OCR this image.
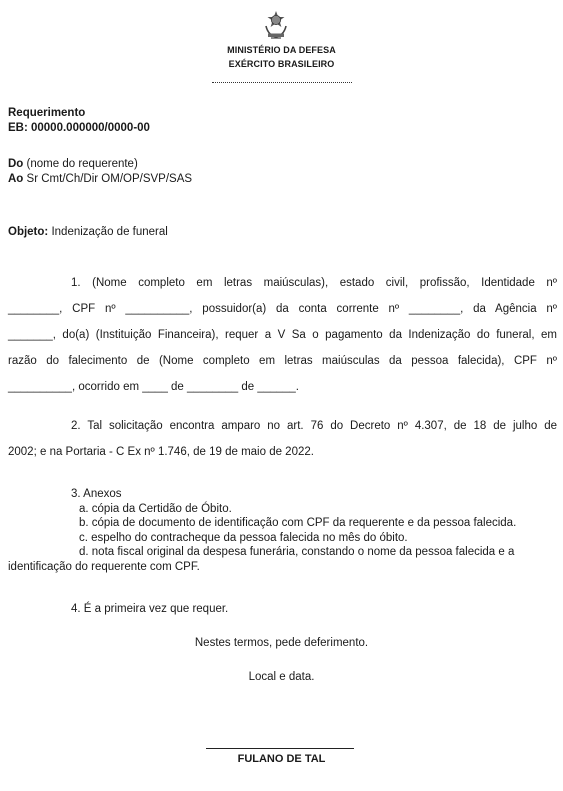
MINISTÉRIO DA DEFESA
EXÉRCITO BRASILEIRO
Requerimento
EB: 00000.000000/0000-00
Do (nome do requerente)
Ao Sr Cmt/Ch/Dir OM/OP/SVP/SAS
Objeto: Indenização de funeral
1. (Nome completo em letras maiúsculas), estado civil, profissão, Identidade nº
________, CPF nº __________, possuidor(a) da conta corrente nº ________, da Agência nº
_______, do(a) (Instituição Financeira), requer a V Sa o pagamento da Indenização do funeral, em
razão do falecimento de (Nome completo em letras maiúsculas da pessoa falecida), CPF nº
__________, ocorrido em ____ de ________ de ______.
2. Tal solicitação encontra amparo no art. 76 do Decreto nº 4.307, de 18 de julho de
2002; e na Portaria - C Ex nº 1.746, de 19 de maio de 2022.
3. Anexos
a. cópia da Certidão de Óbito.
b. cópia de documento de identificação com CPF da requerente e da pessoa falecida.
c. espelho do contracheque da pessoa falecida no mês do óbito.
d. nota fiscal original da despesa funerária, constando o nome da pessoa falecida e a
identificação do requerente com CPF.
4. É a primeira vez que requer.
Nestes termos, pede deferimento.
Local e data.
FULANO DE TAL
